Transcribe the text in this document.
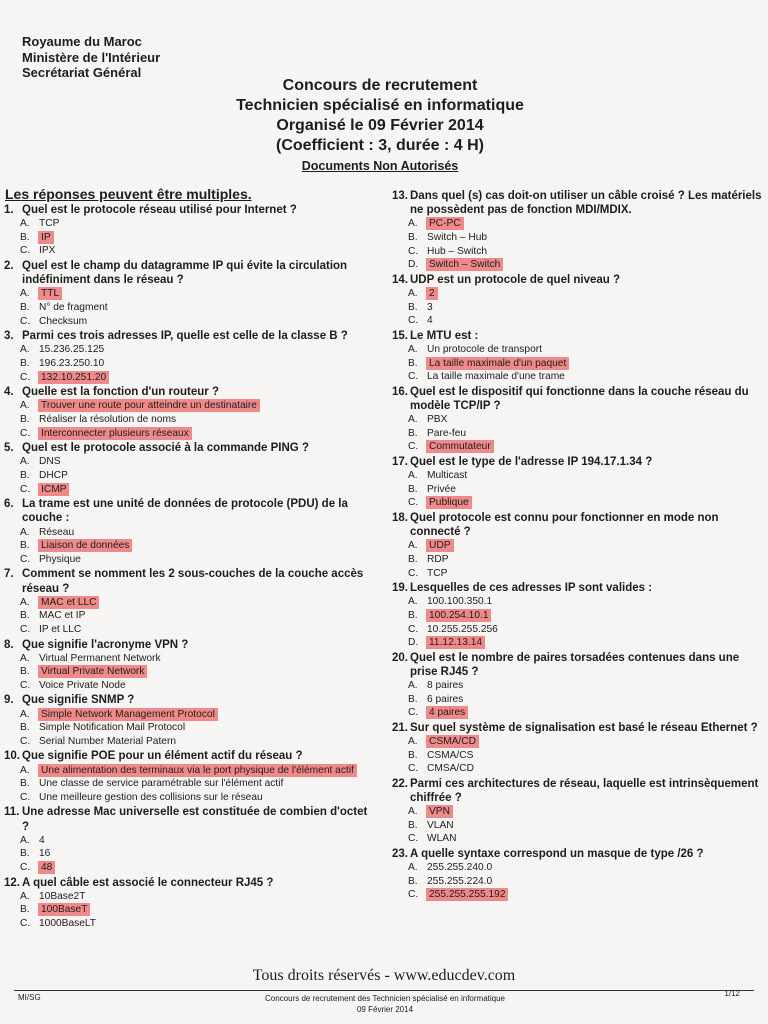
Royaume du Maroc
Ministère de l'Intérieur
Secrétariat Général
Concours de recrutement
Technicien spécialisé en informatique
Organisé le 09 Février 2014
(Coefficient : 3, durée : 4 H)
Documents Non Autorisés
Les réponses peuvent être multiples.
1. Quel est le protocole réseau utilisé pour Internet ?
A. TCP
B.	IP
C. IPX
2. Quel est le champ du datagramme IP qui évite la circulation indéfiniment dans le réseau ?
A.	TTL
B. N° de fragment
C. Checksum
3. Parmi ces trois adresses IP, quelle est celle de la classe B ?
A. 15.236.25.125
B. 196.23.250.10
C.	132.10.251.20
4. Quelle est la fonction d'un routeur ?
A.	Trouver une route pour atteindre un destinataire
B. Réaliser la résolution de noms
C.	Interconnecter plusieurs réseaux
5. Quel est le protocole associé à la commande PING ?
A. DNS
B. DHCP
C.	ICMP
6. La trame est une unité de données de protocole (PDU) de la couche :
A. Réseau
B.	Liaison de données
C. Physique
7. Comment se nomment les 2 sous-couches de la couche accès réseau ?
A.	MAC et LLC
B. MAC et IP
C. IP et LLC
8. Que signifie l'acronyme VPN ?
A. Virtual Permanent Network
B.	Virtual Private Network
C. Voice Private Node
9. Que signifie SNMP ?
A.	Simple Network Management Protocol
B. Simple Notification Mail Protocol
C. Serial Number Material Patern
10. Que signifie POE pour un élément actif du réseau ?
A.	Une alimentation des terminaux via le port physique de l'élément actif
B. Une classe de service paramétrable sur l'élément actif
C. Une meilleure gestion des collisions sur le réseau
11. Une adresse Mac universelle est constituée de combien d'octet ?
A. 4
B. 16
C.	48
12. A quel câble est associé le connecteur RJ45 ?
A. 10Base2T
B.	100BaseT
C. 1000BaseLT
13. Dans quel (s) cas doit-on utiliser un câble croisé ? Les matériels ne possèdent pas de fonction MDI/MDIX.
A.	PC-PC
B. Switch – Hub
C. Hub – Switch
D.	Switch – Switch
14. UDP est un protocole de quel niveau ?
A.	2
B. 3
C. 4
15. Le MTU est :
A. Un protocole de transport
B.	La taille maximale d'un paquet
C. La taille maximale d'une trame
16. Quel est le dispositif qui fonctionne dans la couche réseau du modèle TCP/IP ?
A. PBX
B. Pare-feu
C.	Commutateur
17. Quel est le type de l'adresse IP 194.17.1.34 ?
A. Multicast
B. Privée
C.	Publique
18. Quel protocole est connu pour fonctionner en mode non connecté ?
A.	UDP
B. RDP
C. TCP
19. Lesquelles de ces adresses IP sont valides :
A. 100.100.350.1
B.	100.254.10.1
C. 10.255.255.256
D.	11.12.13.14
20. Quel est le nombre de paires torsadées contenues dans une prise RJ45 ?
A. 8 paires
B. 6 paires
C.	4 paires
21. Sur quel système de signalisation est basé le réseau Ethernet ?
A.	CSMA/CD
B. CSMA/CS
C. CMSA/CD
22. Parmi ces architectures de réseau, laquelle est intrinsèquement chiffrée ?
A.	VPN
B. VLAN
C. WLAN
23. A quelle syntaxe correspond un masque de type /26 ?
A. 255.255.240.0
B. 255.255.224.0
C.	255.255.255.192
Tous droits réservés - www.educdev.com
MI/SG	Concours de recrutement des Technicien spécialisé en informatique
09 Février 2014
1/12
